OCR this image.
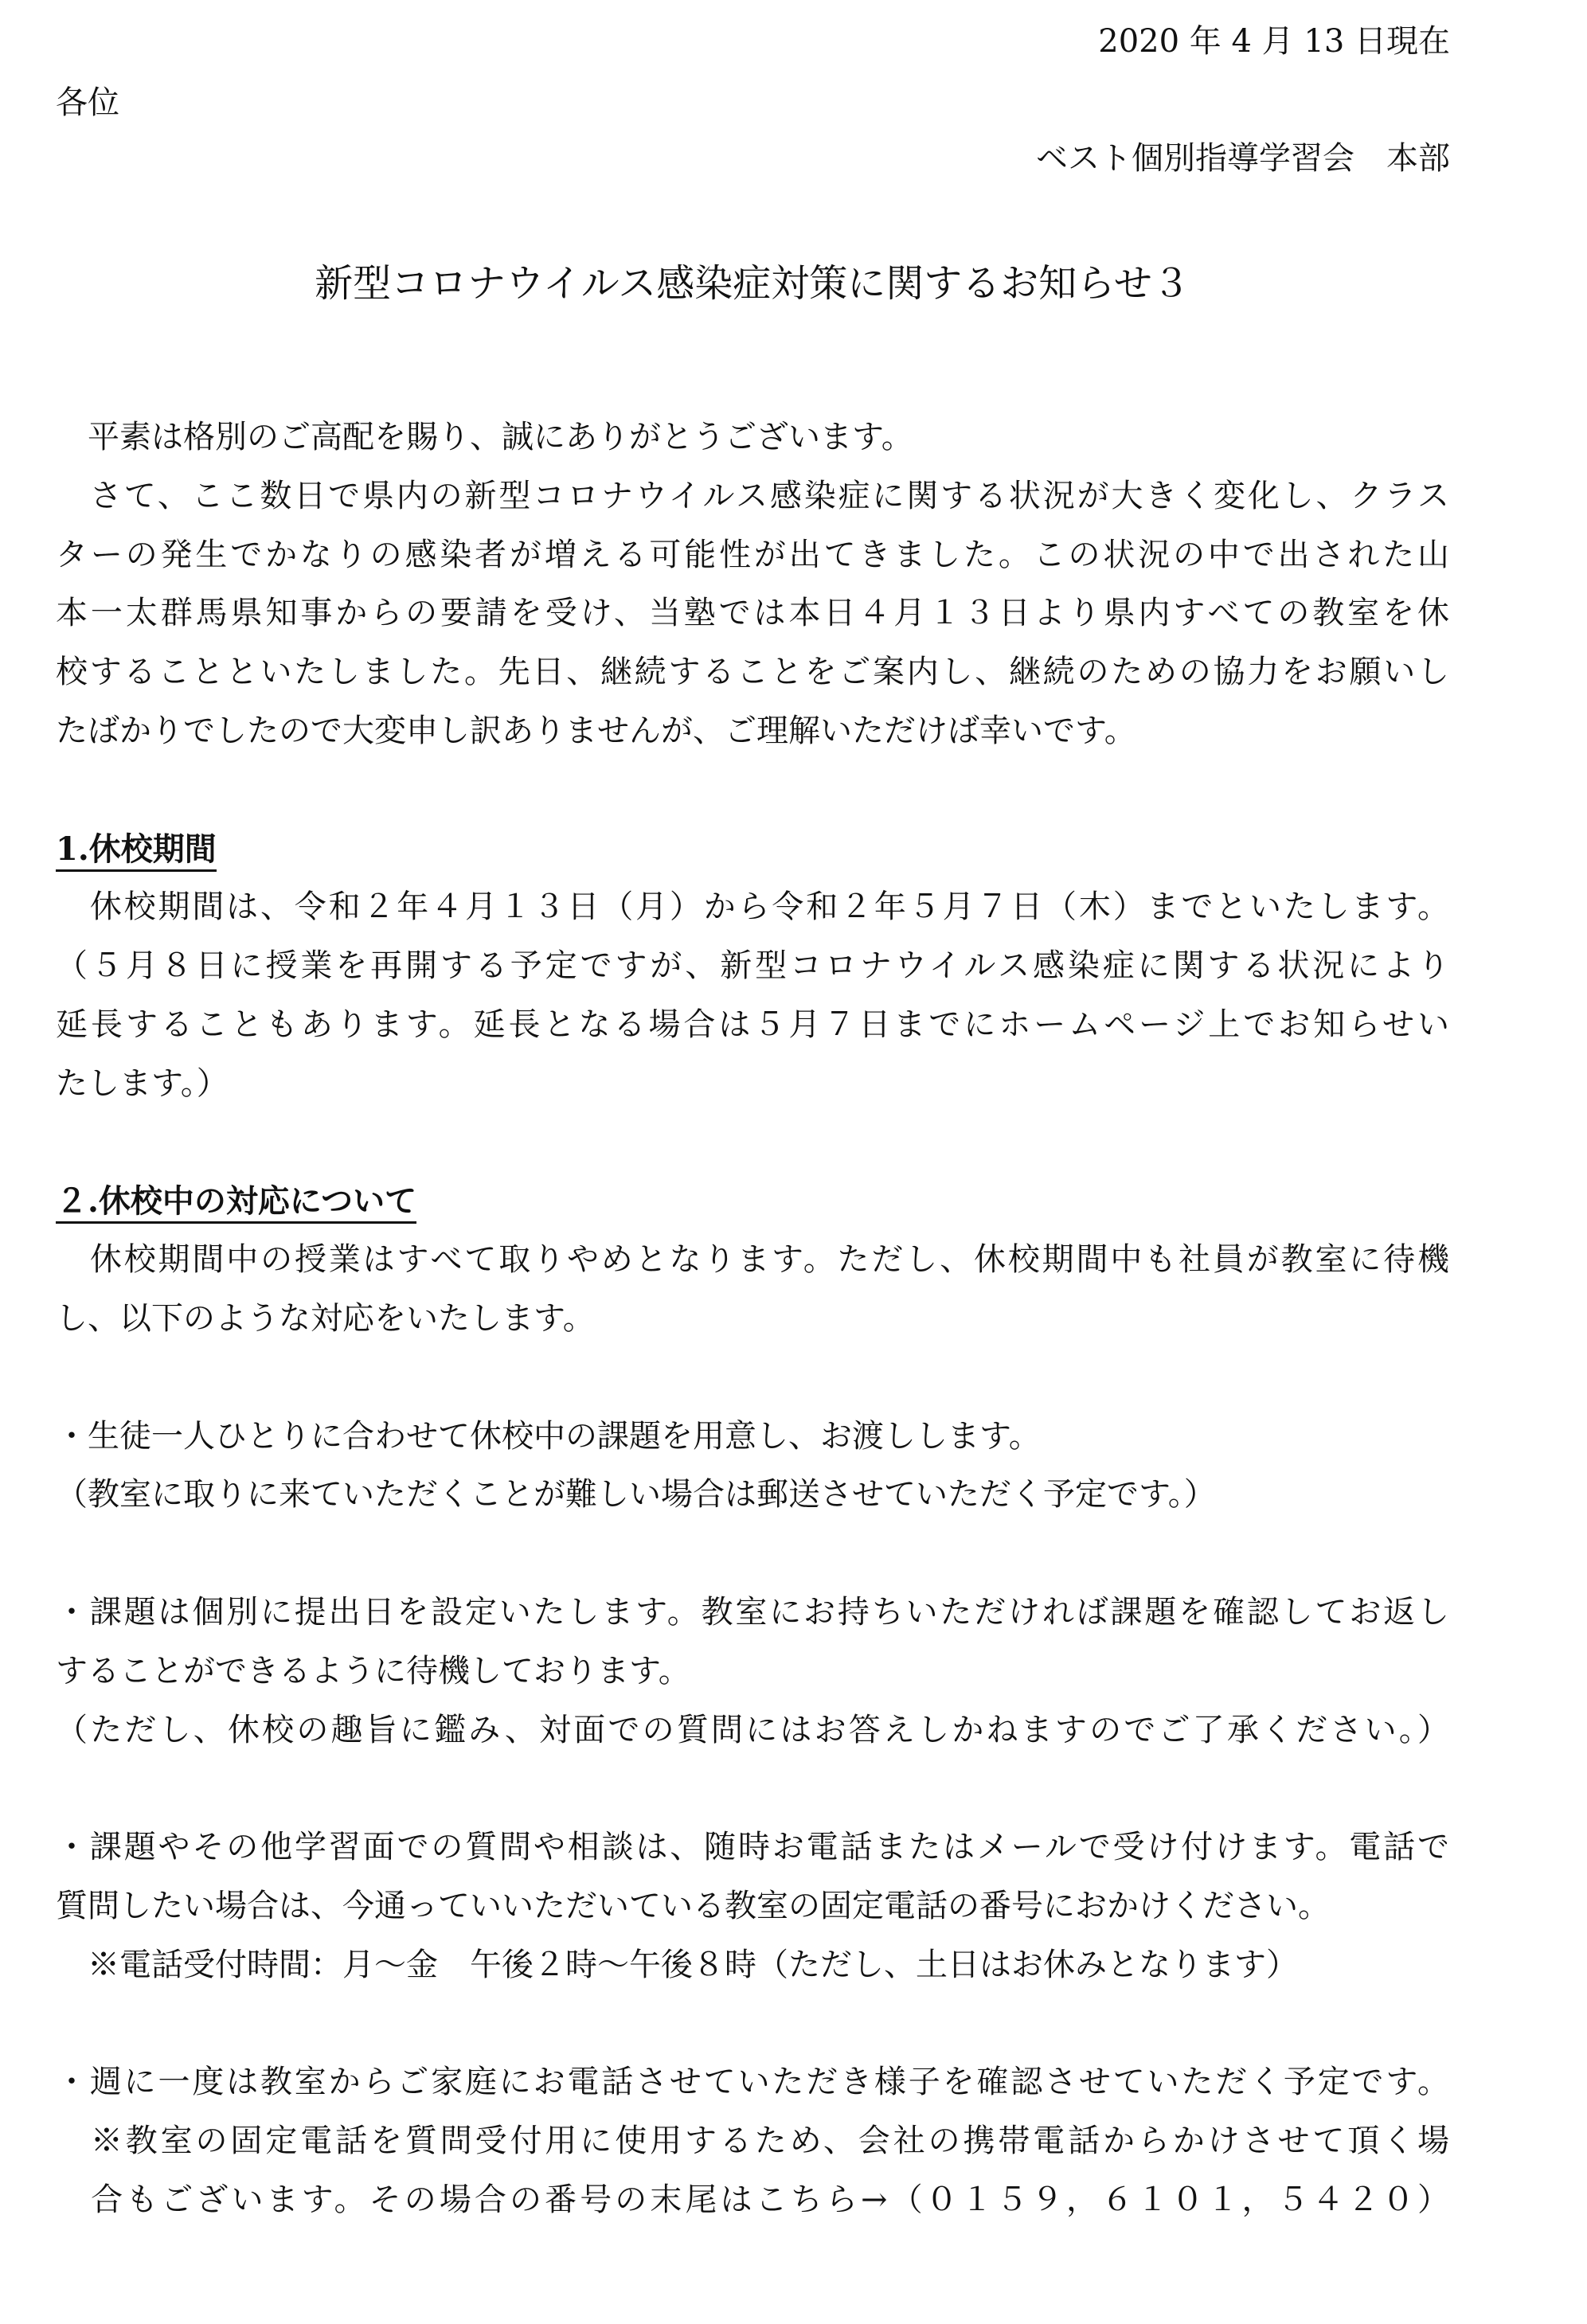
2020 年 4 月 13 日現在
各位
ベスト個別指導学習会　本部
新型コロナウイルス感染症対策に関するお知らせ３
　平素は格別のご高配を賜り、誠にありがとうございます。
　さて、ここ数日で県内の新型コロナウイルス感染症に関する状況が大きく変化し、クラス
ターの発生でかなりの感染者が増える可能性が出てきました。この状況の中で出された山
本一太群馬県知事からの要請を受け、当塾では本日４月１３日より県内すべての教室を休
校することといたしました。先日、継続することをご案内し、継続のための協力をお願いし
たばかりでしたので大変申し訳ありませんが、ご理解いただけば幸いです。
1.休校期間
　休校期間は、令和２年４月１３日（月）から令和２年５月７日（木）までといたします。
（５月８日に授業を再開する予定ですが、新型コロナウイルス感染症に関する状況により
延長することもあります。延長となる場合は５月７日までにホームページ上でお知らせい
たします。）
２.休校中の対応について
　休校期間中の授業はすべて取りやめとなります。ただし、休校期間中も社員が教室に待機
し、以下のような対応をいたします。
・生徒一人ひとりに合わせて休校中の課題を用意し、お渡しします。
（教室に取りに来ていただくことが難しい場合は郵送させていただく予定です。）
・課題は個別に提出日を設定いたします。教室にお持ちいただければ課題を確認してお返し
することができるように待機しております。
（ただし、休校の趣旨に鑑み、対面での質問にはお答えしかねますのでご了承ください。）
・課題やその他学習面での質問や相談は、随時お電話またはメールで受け付けます。電話で
質問したい場合は、今通っていいただいている教室の固定電話の番号におかけください。
　※電話受付時間：月～金　午後２時～午後８時（ただし、土日はお休みとなります）
・週に一度は教室からご家庭にお電話させていただき様子を確認させていただく予定です。
　※教室の固定電話を質問受付用に使用するため、会社の携帯電話からかけさせて頂く場
　合もございます。その場合の番号の末尾はこちら→（０１５９，６１０１，５４２０）
